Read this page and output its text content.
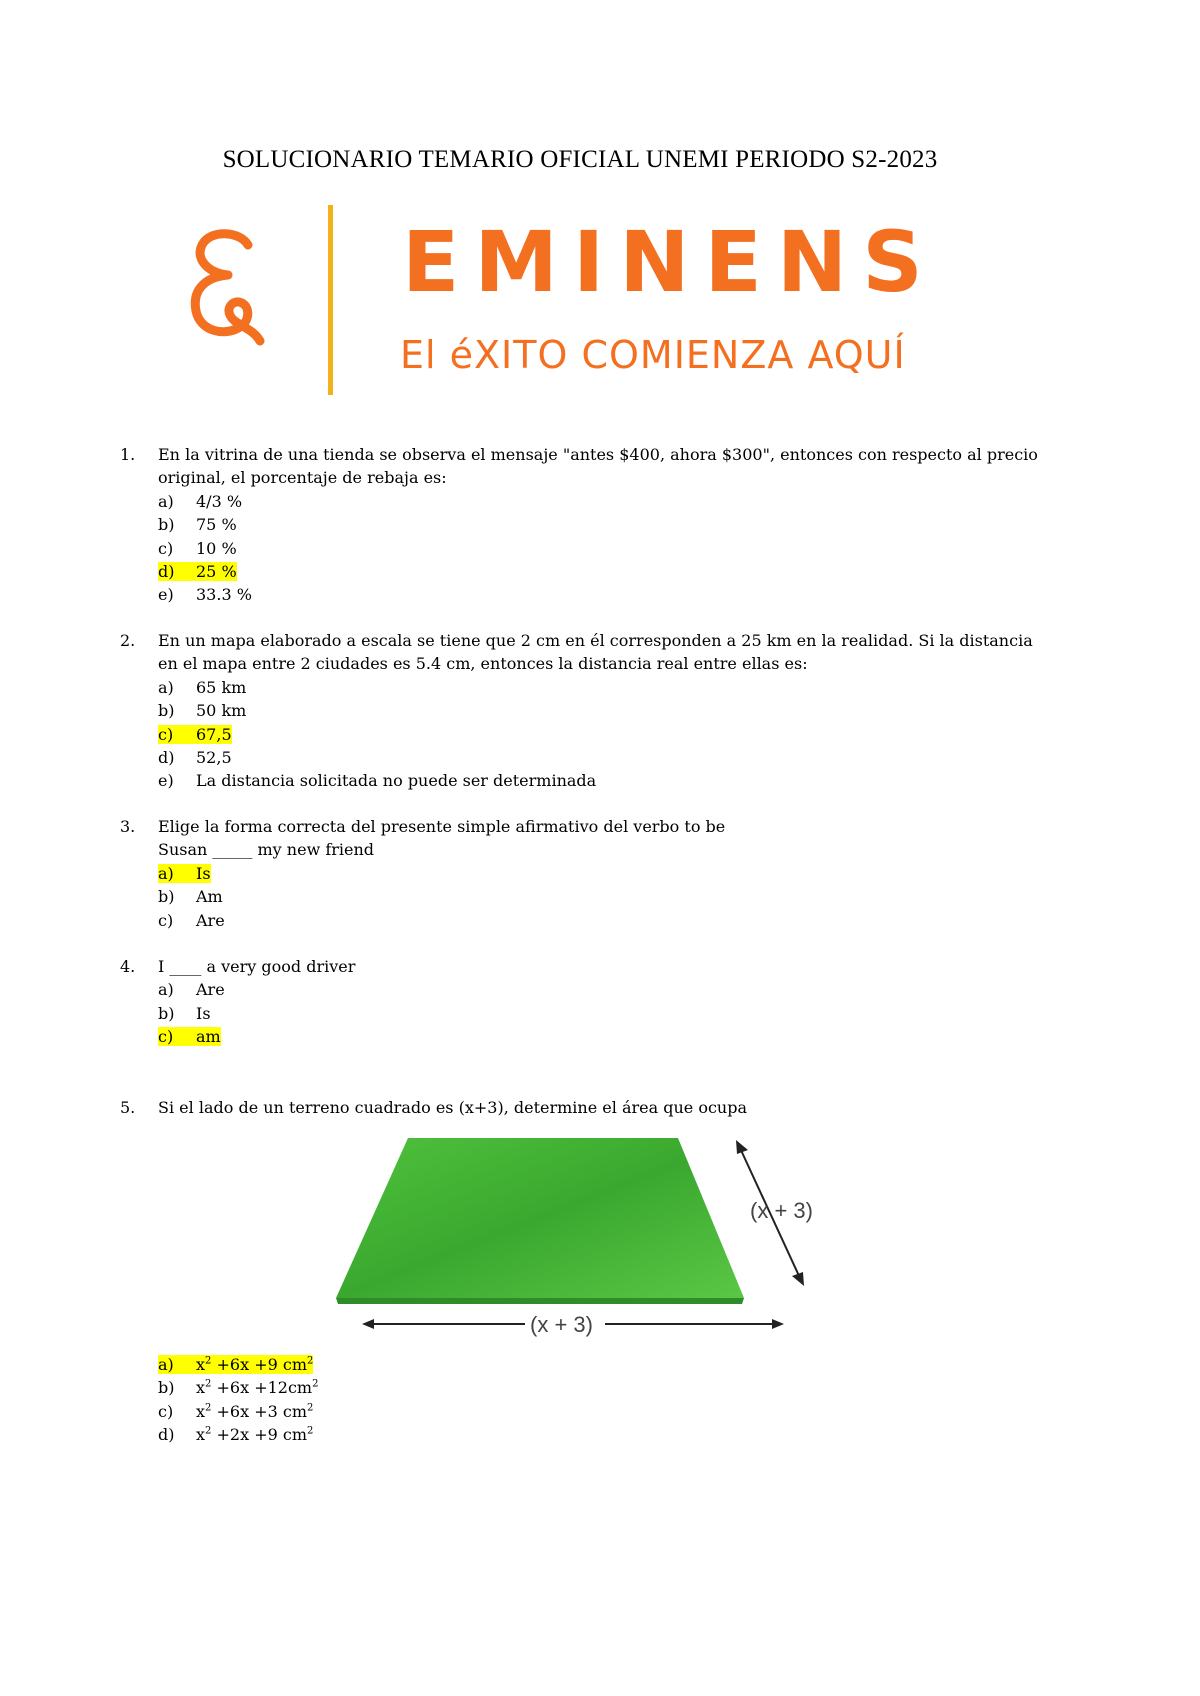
SOLUCIONARIO TEMARIO OFICIAL UNEMI PERIODO S2-2023
EMINENS
El éXITO COMIENZA AQUÍ
1.	En la vitrina de una tienda se observa el mensaje "antes $400, ahora $300", entonces con respecto al precio
original, el porcentaje de rebaja es:
a) 4/3 %
b) 75 %
c) 10 %
d) 25 %
e) 33.3 %
2.	En un mapa elaborado a escala se tiene que 2 cm en él corresponden a 25 km en la realidad. Si la distancia
en el mapa entre 2 ciudades es 5.4 cm, entonces la distancia real entre ellas es:
a) 65 km
b) 50 km
c) 67,5
d) 52,5
e) La distancia solicitada no puede ser determinada
3.	Elige la forma correcta del presente simple afirmativo del verbo to be
Susan _____ my new friend
a) Is
b) Am
c) Are
4.	I ____ a very good driver
a) Are
b) Is
c) am
5.	Si el lado de un terreno cuadrado es (x+3), determine el área que ocupa
(x + 3)
(x + 3)
a) $x^2 +6x +9$ $cm^2$
b) $x^2 +6x +12cm^2$
c) $x^2 +6x +3$ $cm^2$
d) $x^2 +2x +9$ $cm^2$
